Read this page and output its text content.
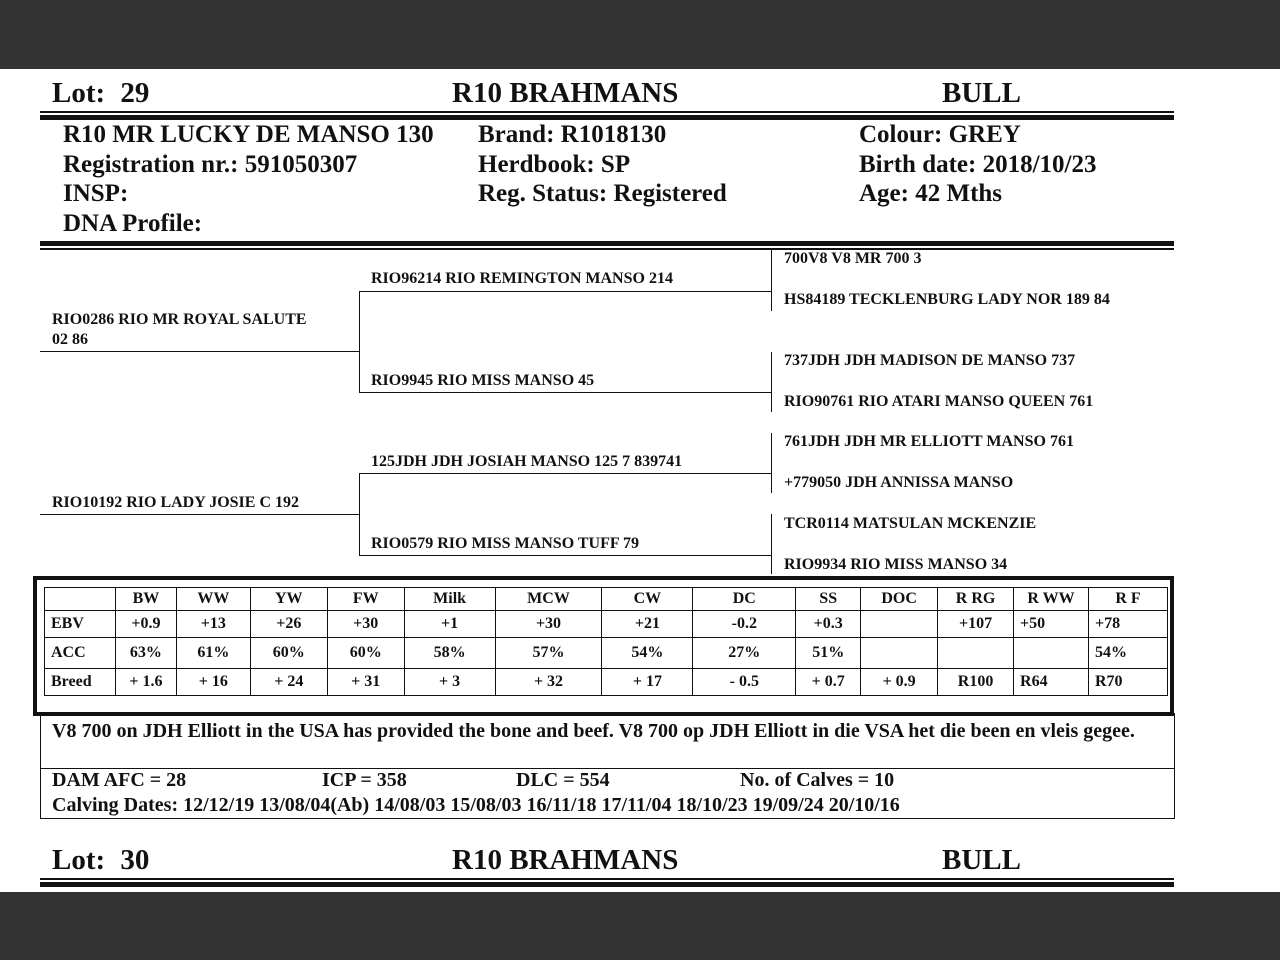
Lot: 29	R10 BRAHMANS	BULL
R10 MR LUCKY DE MANSO 130 Brand: R1018130	Colour: GREY
Registration nr.: 591050307	Herdbook: SP	Birth date: 2018/10/23
INSP:	Reg. Status: Registered	Age: 42 Mths
DNA Profile:
RIO0286 RIO MR ROYAL SALUTE
02 86
RIO10192 RIO LADY JOSIE C 192
RIO96214 RIO REMINGTON MANSO 214
RIO9945 RIO MISS MANSO 45
125JDH JDH JOSIAH MANSO 125 7 839741
RIO0579 RIO MISS MANSO TUFF 79
700V8 V8 MR 700 3
HS84189 TECKLENBURG LADY NOR 189 84
737JDH JDH MADISON DE MANSO 737
RIO90761 RIO ATARI MANSO QUEEN 761
761JDH JDH MR ELLIOTT MANSO 761
+779050 JDH ANNISSA MANSO
TCR0114 MATSULAN MCKENZIE
RIO9934 RIO MISS MANSO 34
	BW	WW	YW	FW	Milk	MCW	CW	DC	SS	DOC	R RG	R WW	R F
EBV	+0.9	+13	+26	+30	+1	+30	+21	-0.2	+0.3		+107	+50	+78
ACC	63%	61%	60%	60%	58%	57%	54%	27%	51%				54%
Breed	+ 1.6	+ 16	+ 24	+ 31	+ 3	+ 32	+ 17	- 0.5	+ 0.7	+ 0.9	R100	R64	R70
V8 700 on JDH Elliott in the USA has provided the bone and beef. V8 700 op JDH Elliott in die VSA het die been en vleis gegee.
DAM AFC = 28	ICP = 358	DLC = 554	No. of Calves = 10
Calving Dates: 12/12/19 13/08/04(Ab) 14/08/03 15/08/03 16/11/18 17/11/04 18/10/23 19/09/24 20/10/16
Lot: 30	R10 BRAHMANS	BULL
